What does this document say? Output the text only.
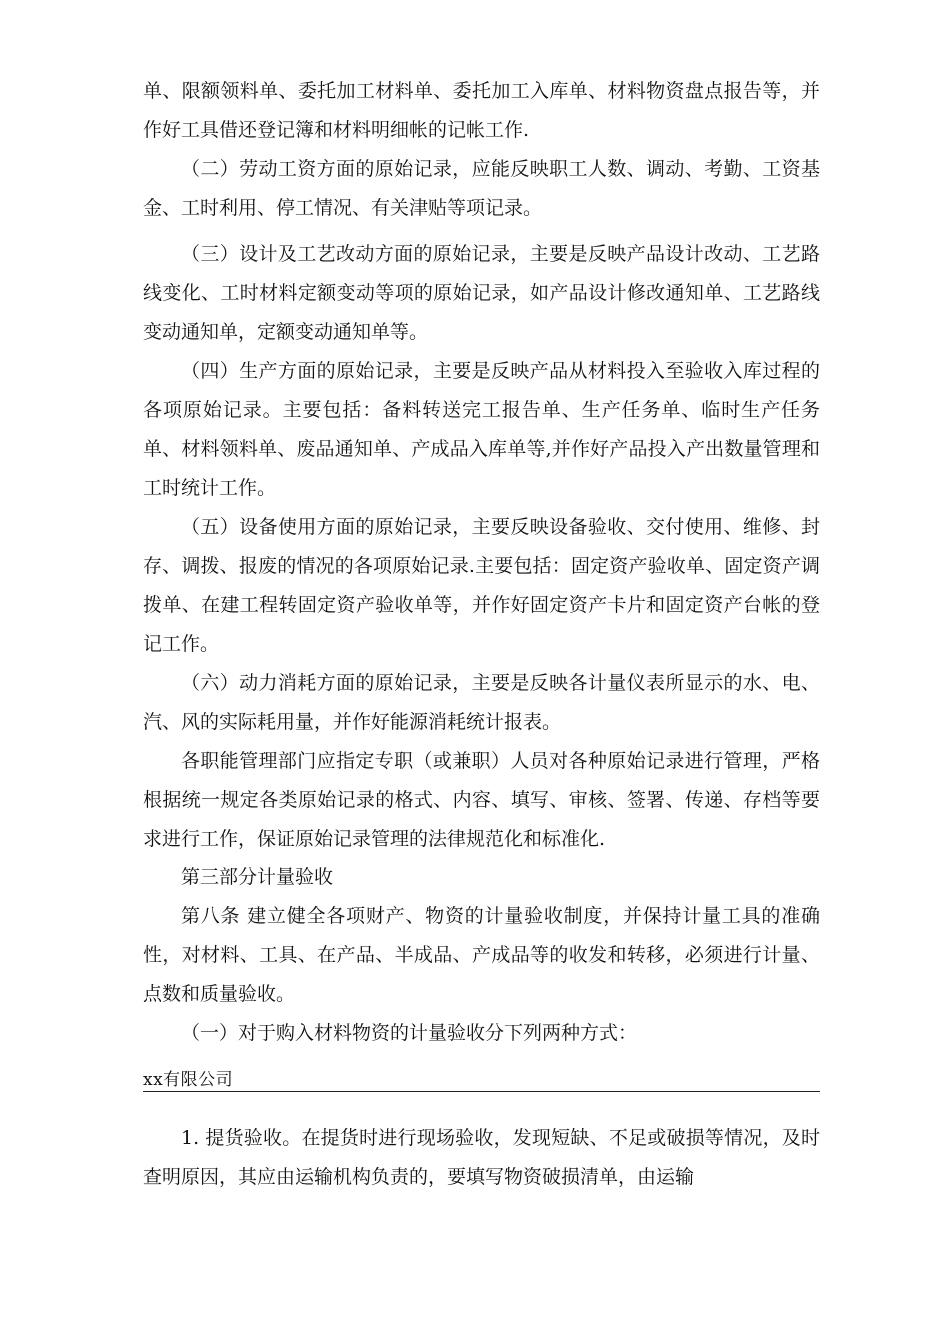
单、限额领料单、委托加工材料单、委托加工入库单、材料物资盘点报告等，并作好工具借还登记簿和材料明细帐的记帐工作.

（二）劳动工资方面的原始记录，应能反映职工人数、调动、考勤、工资基金、工时利用、停工情况、有关津贴等项记录。

（三）设计及工艺改动方面的原始记录，主要是反映产品设计改动、工艺路线变化、工时材料定额变动等项的原始记录，如产品设计修改通知单、工艺路线变动通知单，定额变动通知单等。

（四）生产方面的原始记录，主要是反映产品从材料投入至验收入库过程的各项原始记录。主要包括：备料转送完工报告单、生产任务单、临时生产任务单、材料领料单、废品通知单、产成品入库单等,并作好产品投入产出数量管理和工时统计工作。

（五）设备使用方面的原始记录，主要反映设备验收、交付使用、维修、封存、调拨、报废的情况的各项原始记录.主要包括：固定资产验收单、固定资产调拨单、在建工程转固定资产验收单等，并作好固定资产卡片和固定资产台帐的登记工作。

（六）动力消耗方面的原始记录，主要是反映各计量仪表所显示的水、电、汽、风的实际耗用量，并作好能源消耗统计报表。

各职能管理部门应指定专职（或兼职）人员对各种原始记录进行管理，严格根据统一规定各类原始记录的格式、内容、填写、审核、签署、传递、存档等要求进行工作，保证原始记录管理的法律规范化和标准化.

第三部分计量验收

第八条 建立健全各项财产、物资的计量验收制度，并保持计量工具的准确性，对材料、工具、在产品、半成品、产成品等的收发和转移，必须进行计量、点数和质量验收。

（一）对于购入材料物资的计量验收分下列两种方式：

xx有限公司

1. 提货验收。在提货时进行现场验收，发现短缺、不足或破损等情况，及时查明原因，其应由运输机构负责的，要填写物资破损清单，由运输
